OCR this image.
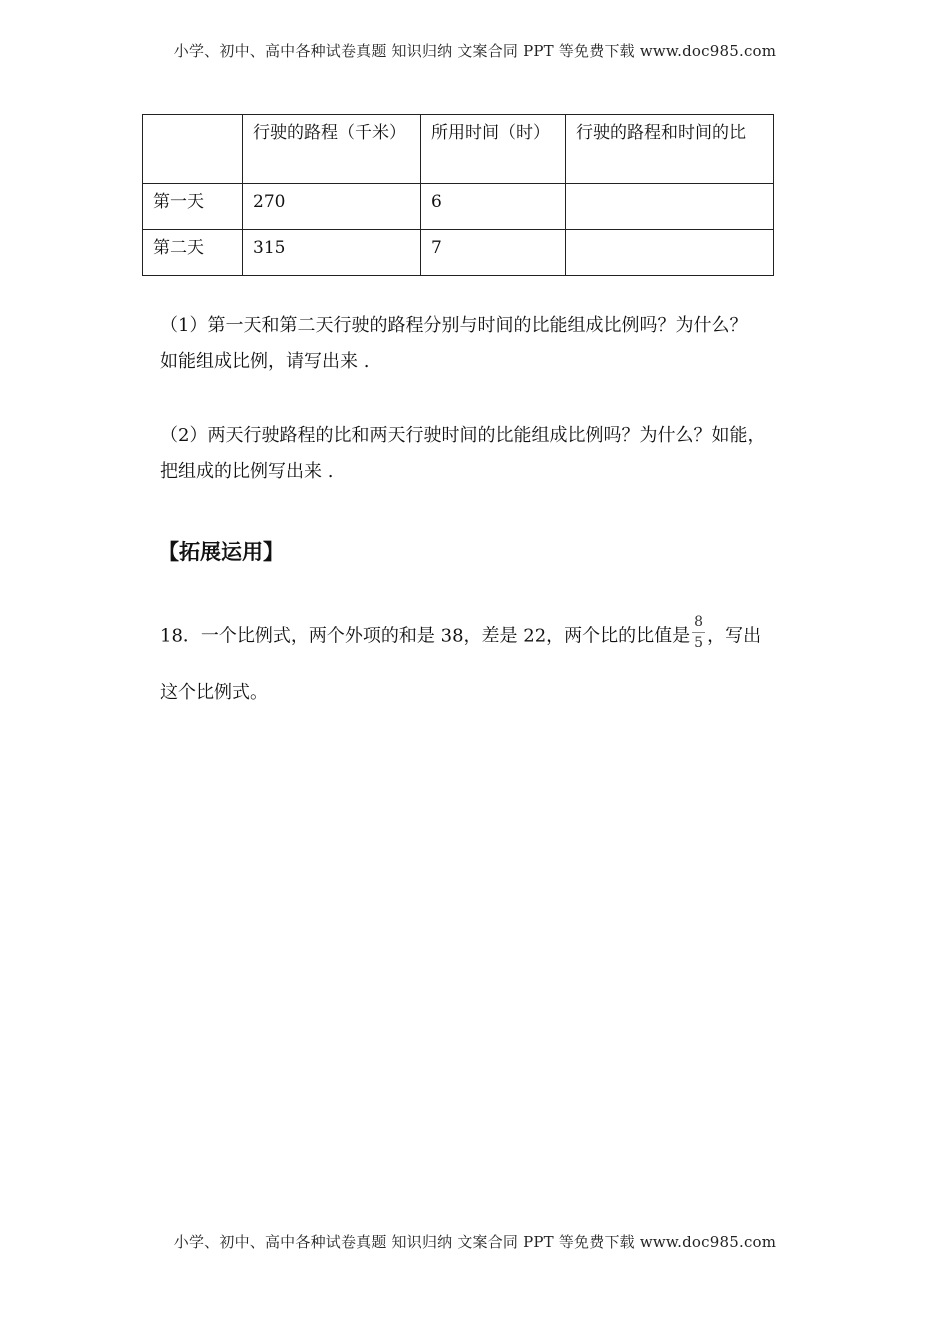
小学、初中、高中各种试卷真题 知识归纳 文案合同 PPT 等免费下载 www.doc985.com
	行驶的路程（千米）	所用时间（时）	行驶的路程和时间的比
第一天	270	6	
第二天	315	7	
（1）第一天和第二天行驶的路程分别与时间的比能组成比例吗？为什么？
如能组成比例，请写出来 .
（2）两天行驶路程的比和两天行驶时间的比能组成比例吗？为什么？如能，
把组成的比例写出来 .
【拓展运用】
18．一个比例式，两个外项的和是 38，差是 22，两个比的比值是 $\frac{8}{5}$ ，写出
这个比例式。
小学、初中、高中各种试卷真题 知识归纳 文案合同 PPT 等免费下载 www.doc985.com
